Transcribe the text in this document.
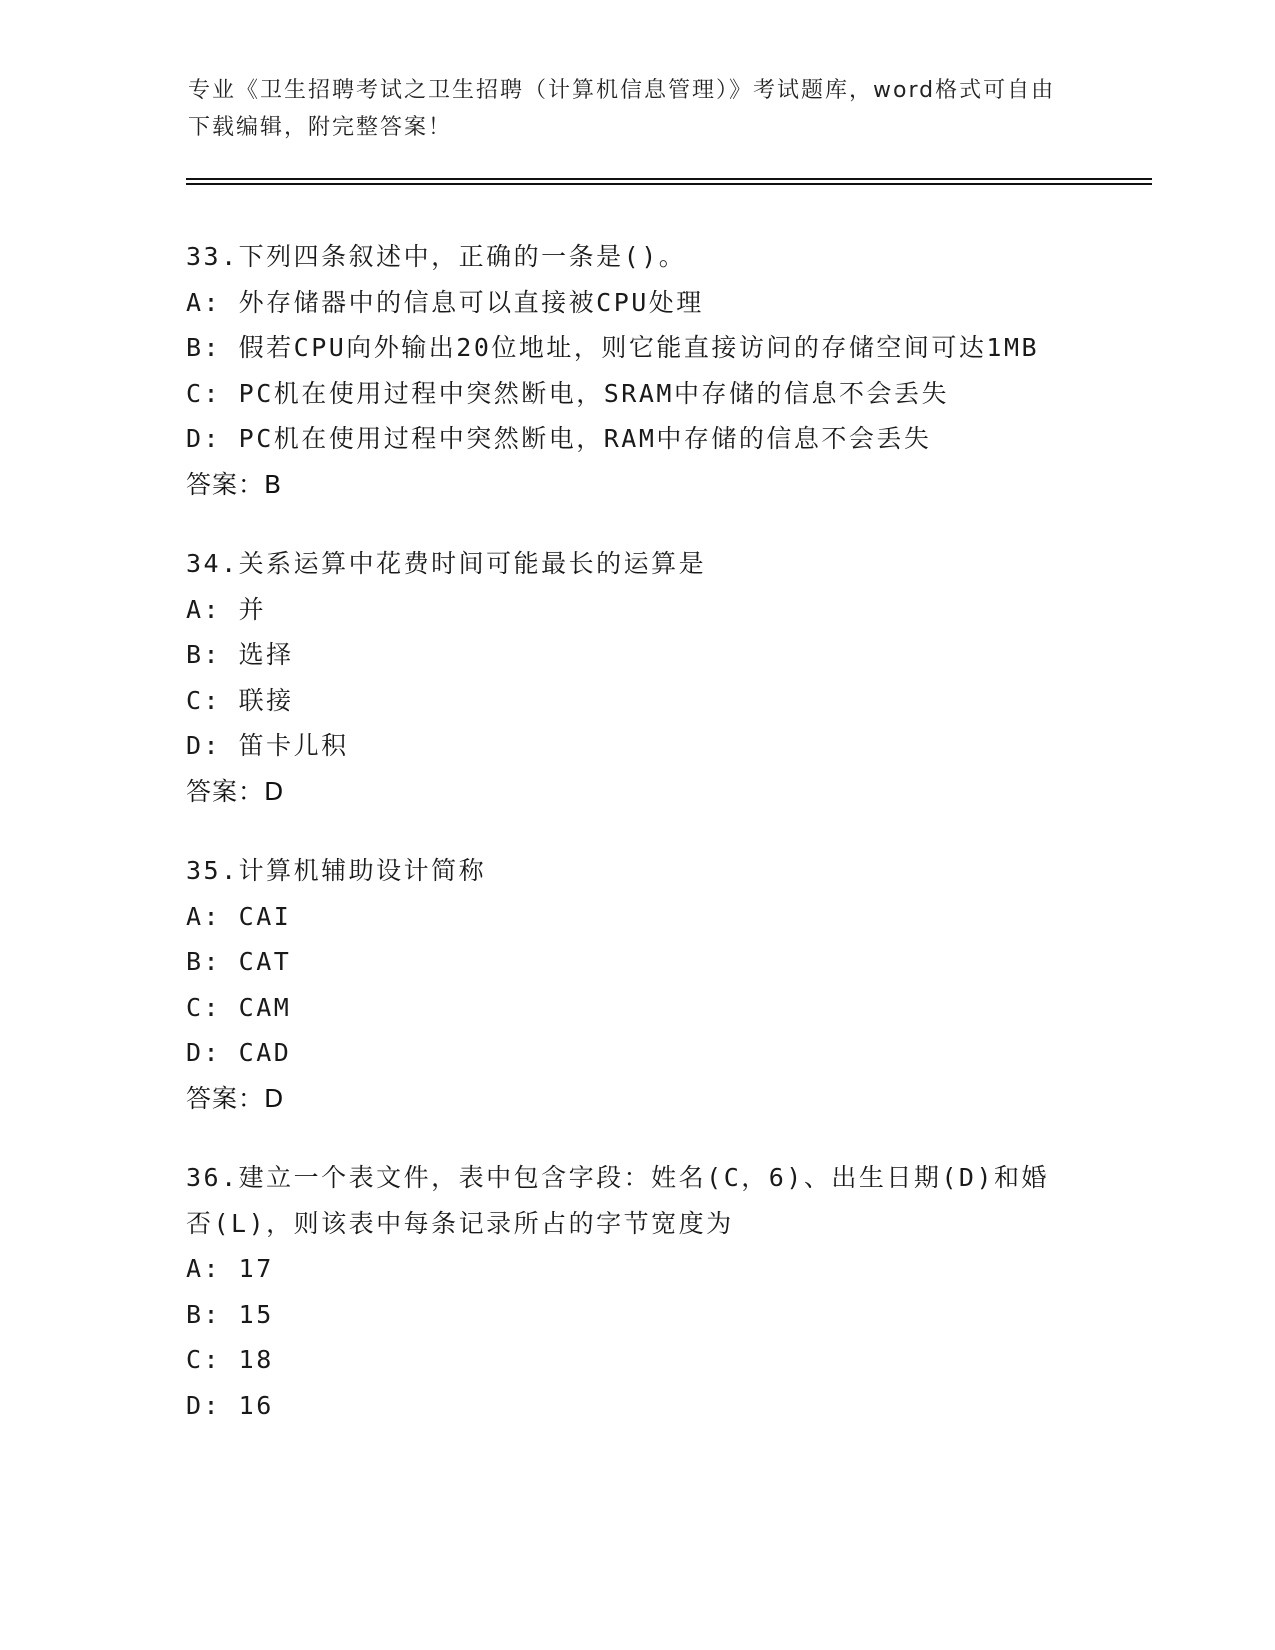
专业《卫生招聘考试之卫生招聘（计算机信息管理）》考试题库，word格式可自由下载编辑，附完整答案！
33.下列四条叙述中，正确的一条是()。
A: 外存储器中的信息可以直接被CPU处理
B: 假若CPU向外输出20位地址，则它能直接访问的存储空间可达1MB
C: PC机在使用过程中突然断电，SRAM中存储的信息不会丢失
D: PC机在使用过程中突然断电，RAM中存储的信息不会丢失
答案：B
34.关系运算中花费时间可能最长的运算是
A: 并
B: 选择
C: 联接
D: 笛卡儿积
答案：D
35.计算机辅助设计简称
A: CAI
B: CAT
C: CAM
D: CAD
答案：D
36.建立一个表文件，表中包含字段：姓名(C，6)、出生日期(D)和婚否(L)，则该表中每条记录所占的字节宽度为
A: 17
B: 15
C: 18
D: 16
